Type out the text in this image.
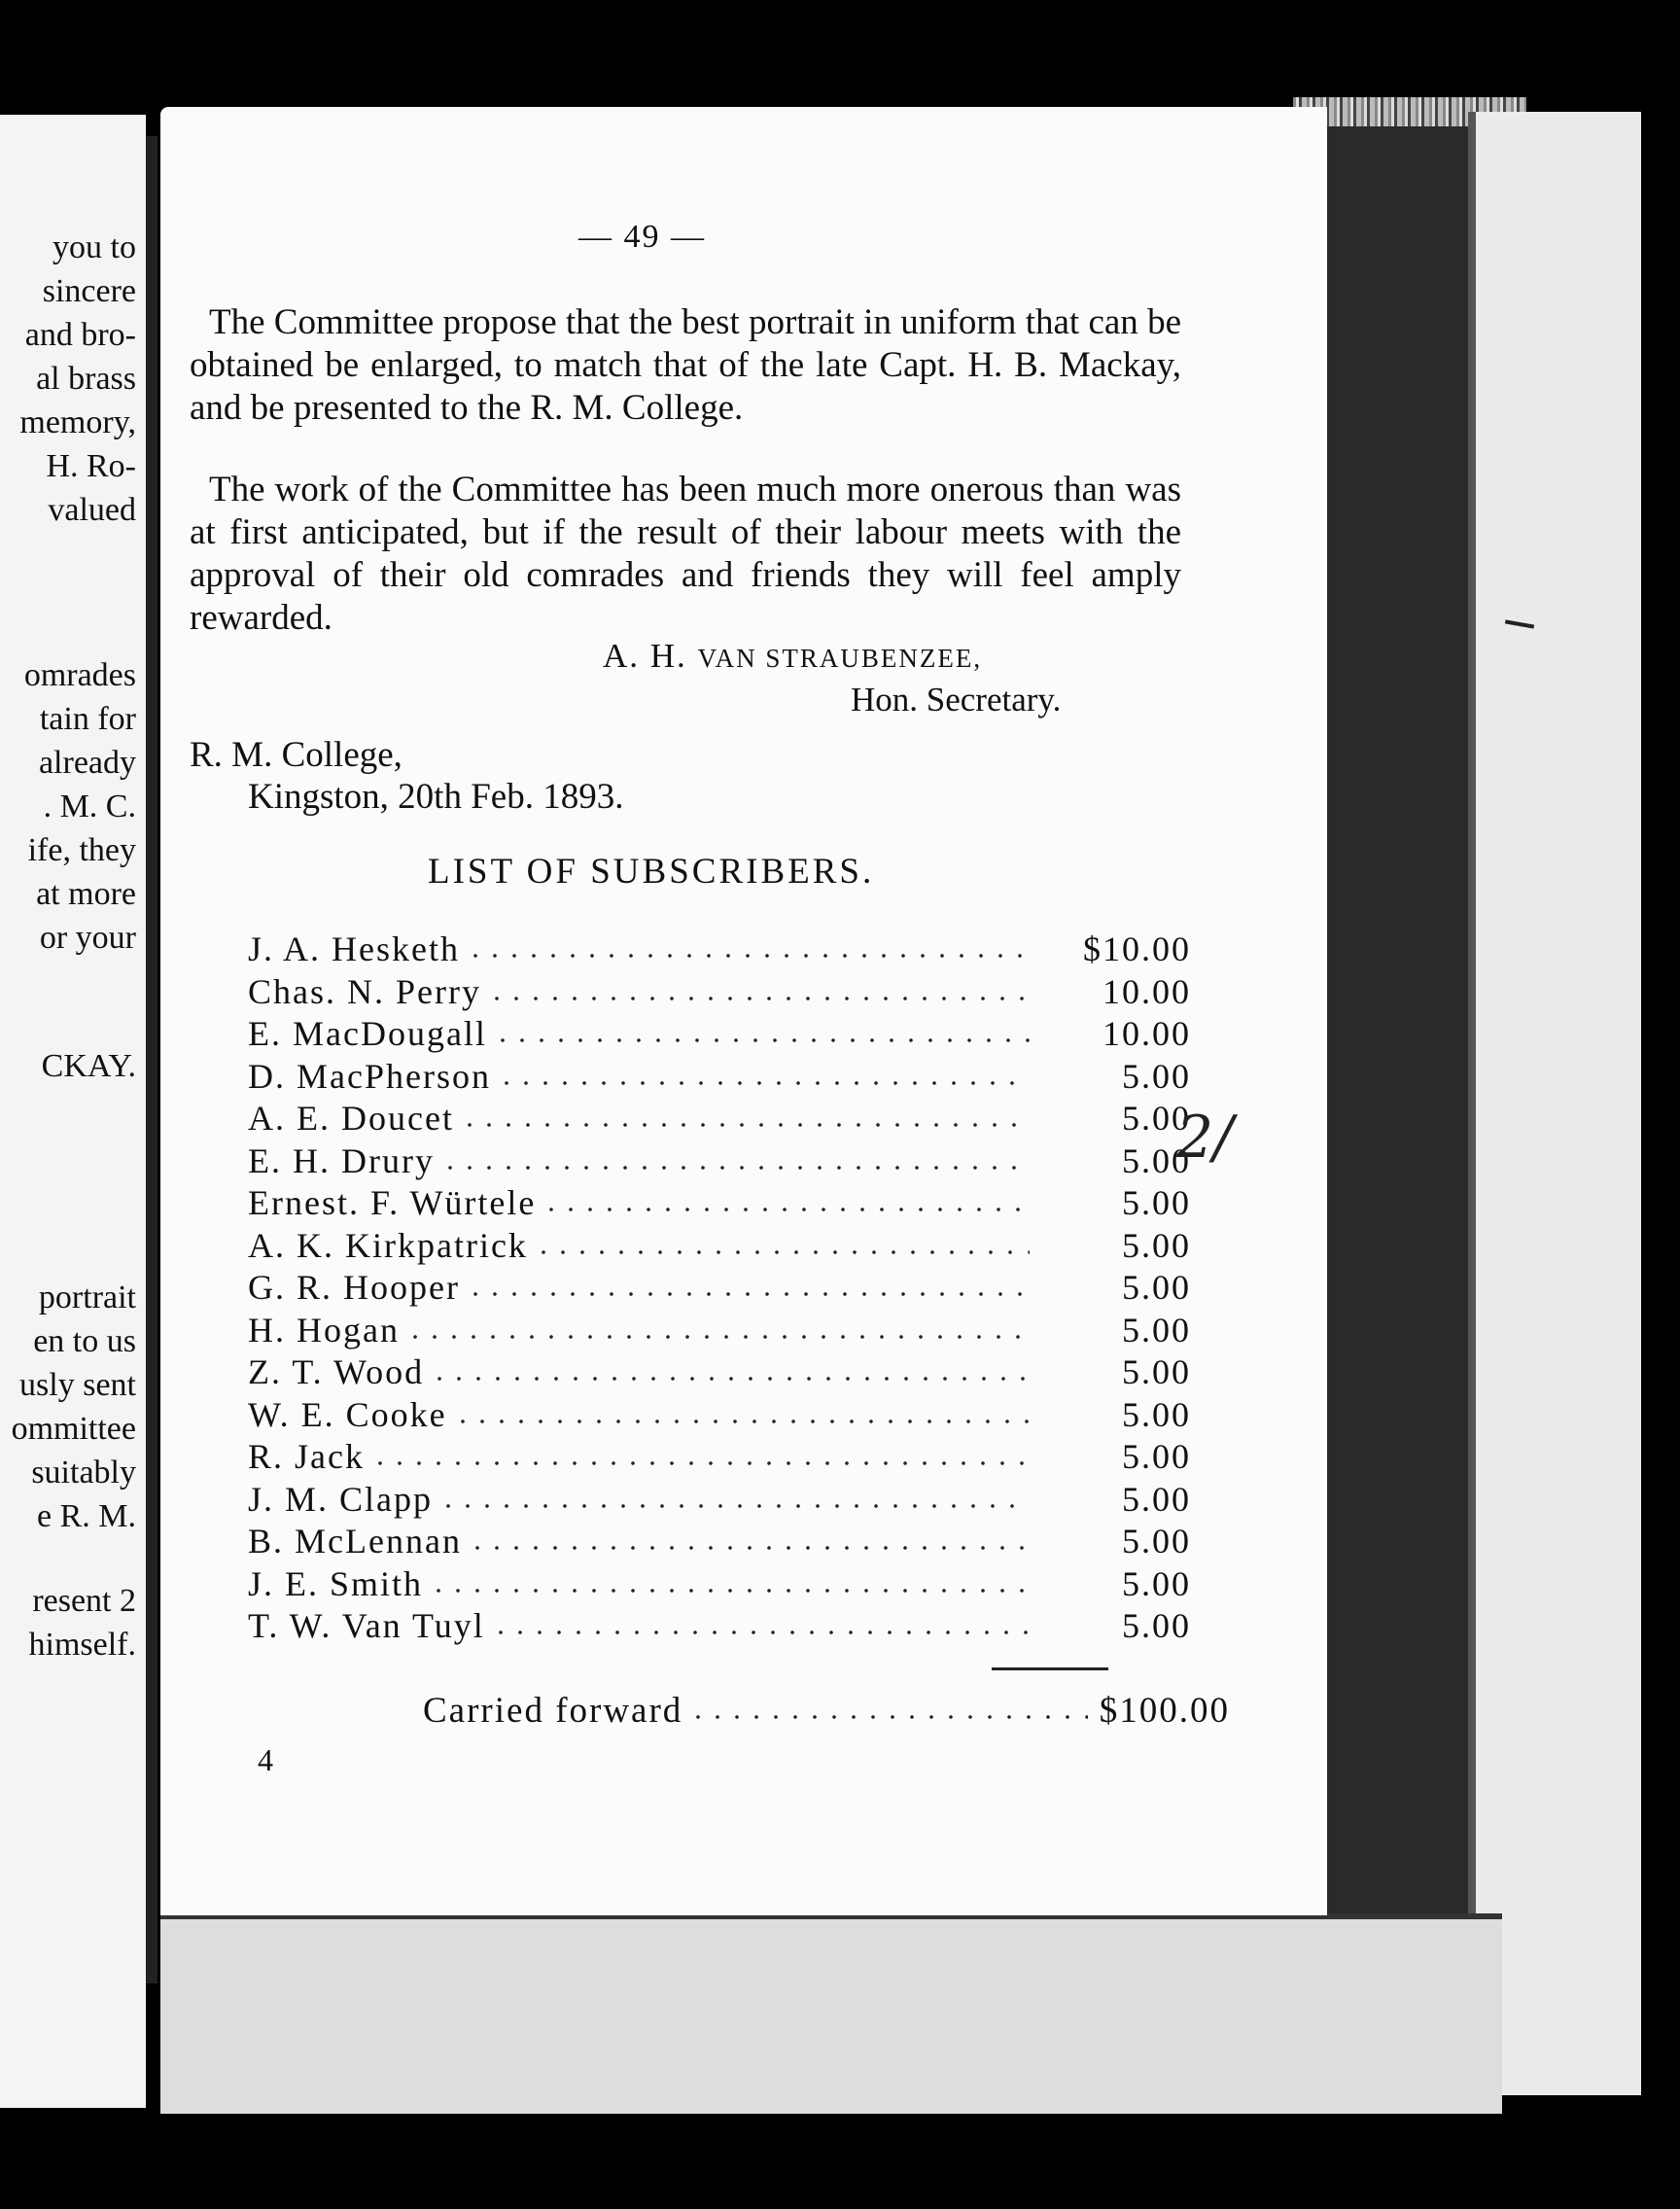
you to
sincere
and bro-
al brass
memory,
H. Ro-
valued
omrades
tain for
already
. M. C.
ife, they
at more
or your
CKAY.
portrait
en to us
usly sent
ommittee
suitably
e R. M.
resent 2
himself.
— 49 —

The Committee propose that the best portrait in uniform that can be obtained be enlarged, to match that of the late Capt. H. B. Mackay, and be presented to the R. M. College.

The work of the Committee has been much more onerous than was at first anticipated, but if the result of their labour meets with the approval of their old comrades and friends they will feel amply rewarded.

A. H. VAN STRAUBENZEE,
Hon. Secretary.
R. M. College,
Kingston, 20th Feb. 1893.
LIST OF SUBSCRIBERS.
J. A. Hesketh	$10.00
Chas. N. Perry	10.00
E. MacDougall	10.00
D. MacPherson	5.00
A. E. Doucet	5.00
E. H. Drury	5.00
Ernest. F. Würtele	5.00
A. K. Kirkpatrick	5.00
G. R. Hooper	5.00
H. Hogan	5.00
Z. T. Wood	5.00
W. E. Cooke	5.00
R. Jack	5.00
J. M. Clapp	5.00
B. McLennan	5.00
J. E. Smith	5.00
T. W. Van Tuyl	5.00
Carried forward	$100.00
2/
4
